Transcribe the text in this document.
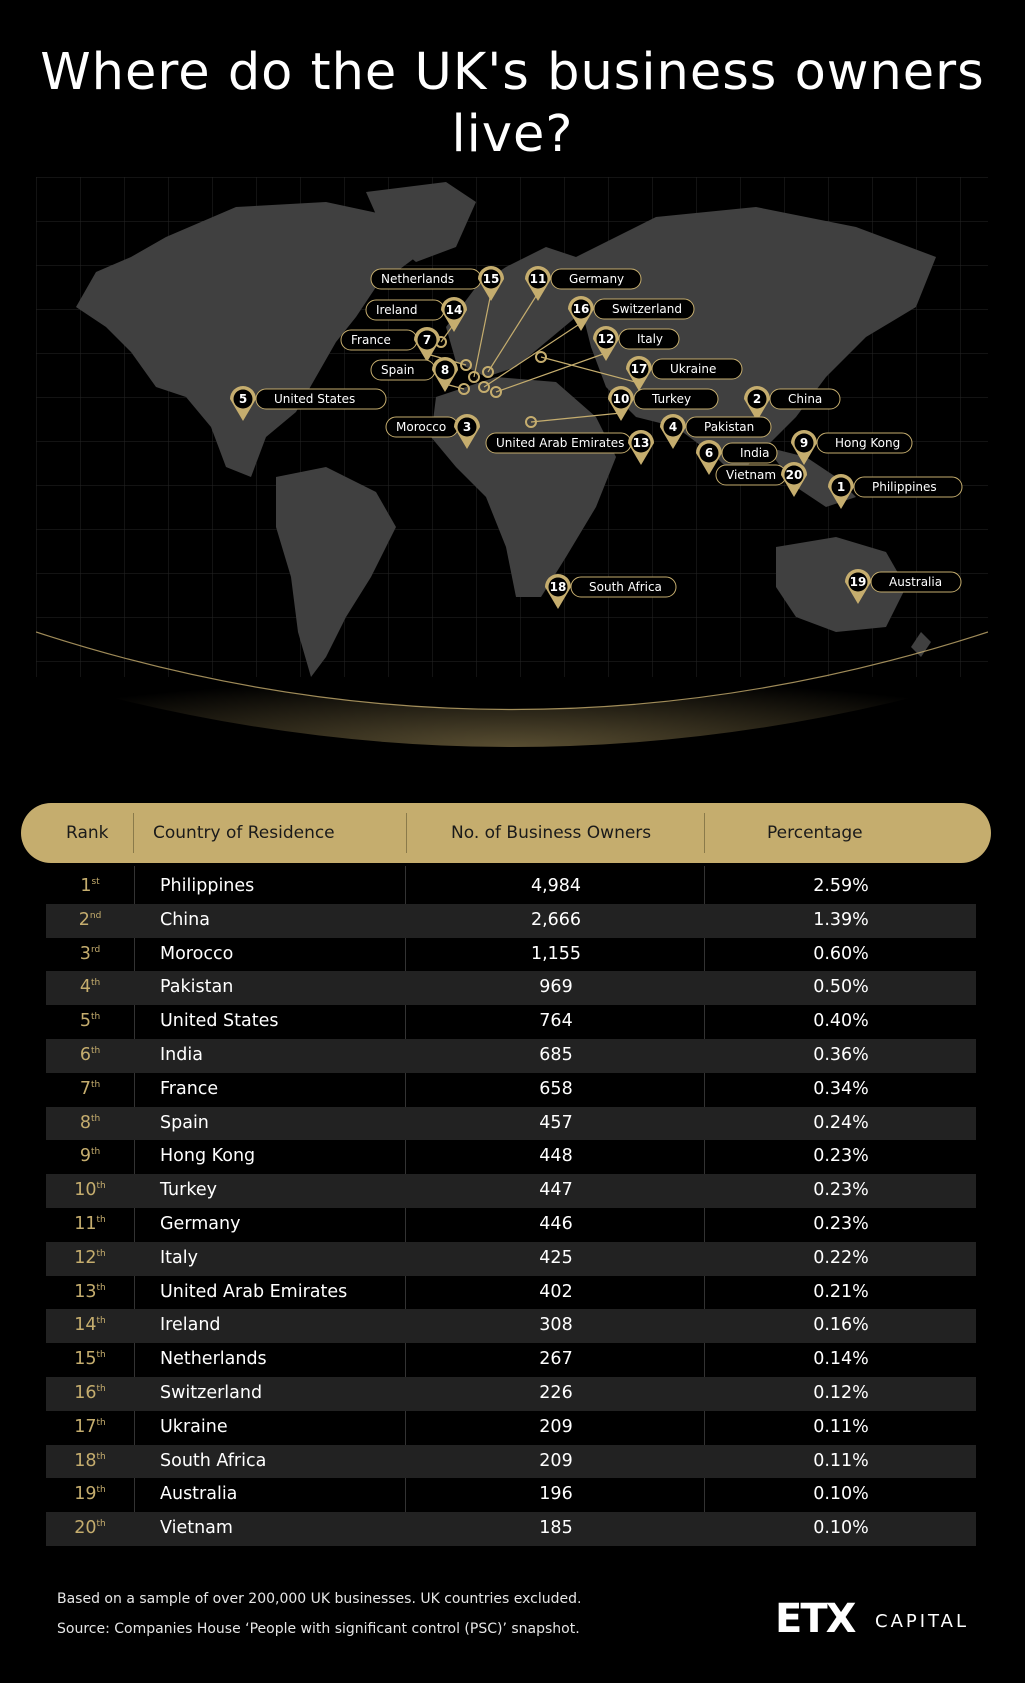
Where do the UK's business owners live?
Netherlands 15	Germany
11
Switzerland
16
Ireland 14
Italy
12
France	7
Ukraine
17
Spain 8
Turkey
10
United States
5	China
2
Morocco 3
United Arab Emirates 13
Pakistan
4
Hong Kong
9
India
6
Vietnam 20
Philippines
1
South Africa
18	Australia
19
Rank	Country of Residence	No. of Business Owners	Percentage
1st	Philippines	4,984	2.59%
2nd	China	2,666	1.39%
3rd	Morocco	1,155	0.60%
4th	Pakistan	969	0.50%
5th	United States	764	0.40%
6th	India	685	0.36%
7th	France	658	0.34%
8th	Spain	457	0.24%
9th	Hong Kong	448	0.23%
10th	Turkey	447	0.23%
11th	Germany	446	0.23%
12th	Italy	425	0.22%
13th	United Arab Emirates	402	0.21%
14th	Ireland	308	0.16%
15th	Netherlands	267	0.14%
16th	Switzerland	226	0.12%
17th	Ukraine	209	0.11%
18th	South Africa	209	0.11%
19th	Australia	196	0.10%
20th	Vietnam	185	0.10%
Based on a sample of over 200,000 UK businesses. UK countries excluded.
Source: Companies House ‘People with significant control (PSC)’ snapshot.	ETX CAPITAL
